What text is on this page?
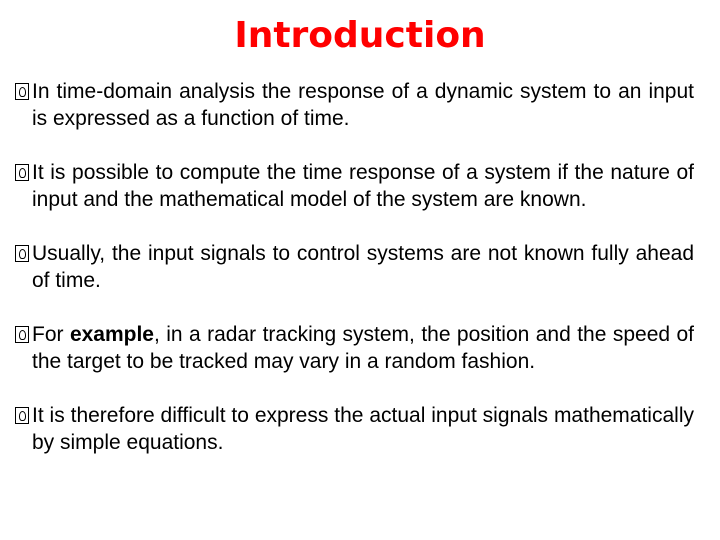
Introduction
In time-domain analysis the response of a dynamic system to an input is expressed as a function of time.
It is possible to compute the time response of a system if the nature of input and the mathematical model of the system are known.
Usually, the input signals to control systems are not known fully ahead of time.
For example, in a radar tracking system, the position and the speed of the target to be tracked may vary in a random fashion.
It is therefore difficult to express the actual input signals mathematically by simple equations.
